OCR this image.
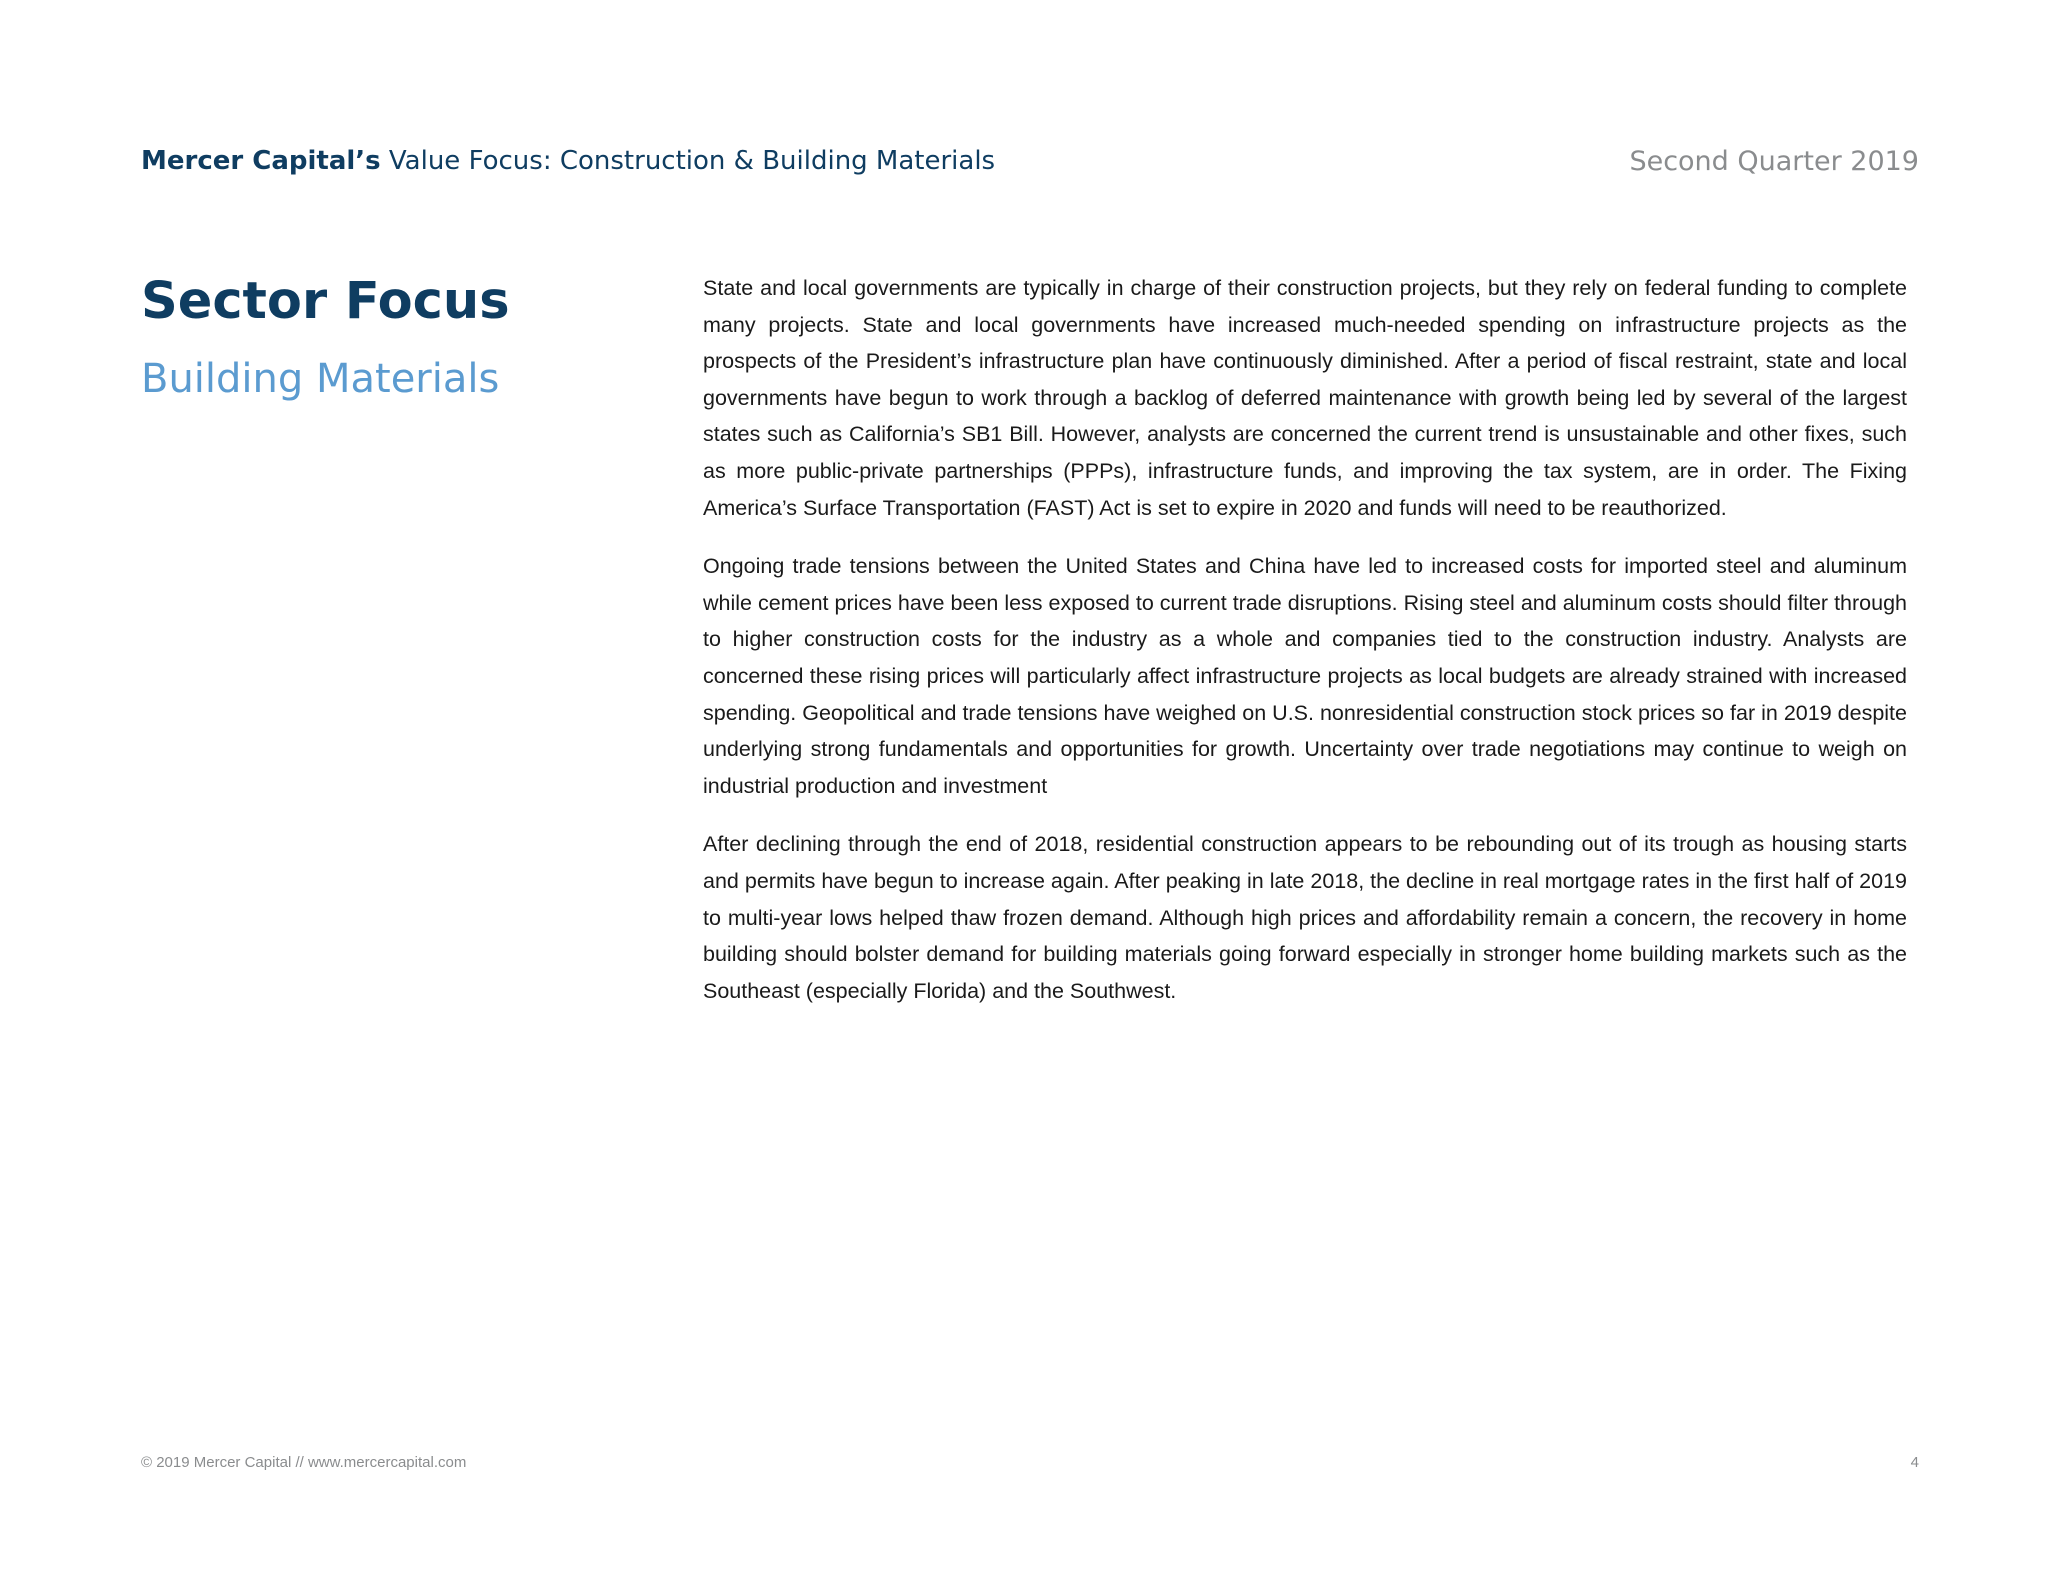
Mercer Capital’s Value Focus: Construction & Building Materials	Second Quarter 2019
Sector Focus
Building Materials

State and local governments are typically in charge of their construction projects, but they rely on federal funding to complete many projects. State and local governments have increased much-needed spending on infrastructure projects as the prospects of the President’s infrastructure plan have continuously diminished. After a period of fiscal restraint, state and local governments have begun to work through a backlog of deferred maintenance with growth being led by several of the largest states such as California’s SB1 Bill. However, analysts are concerned the current trend is unsustainable and other fixes, such as more public-private partnerships (PPPs), infrastructure funds, and improving the tax system, are in order. The Fixing America’s Surface Transportation (FAST) Act is set to expire in 2020 and funds will need to be reauthorized.

Ongoing trade tensions between the United States and China have led to increased costs for imported steel and aluminum while cement prices have been less exposed to current trade disruptions. Rising steel and aluminum costs should filter through to higher construction costs for the industry as a whole and companies tied to the construction industry. Analysts are concerned these rising prices will particularly affect infrastructure projects as local budgets are already strained with increased spending. Geopolitical and trade tensions have weighed on U.S. nonresidential construction stock prices so far in 2019 despite underlying strong fundamentals and opportunities for growth. Uncertainty over trade negotiations may continue to weigh on industrial production and investment

After declining through the end of 2018, residential construction appears to be rebounding out of its trough as housing starts and permits have begun to increase again. After peaking in late 2018, the decline in real mortgage rates in the first half of 2019 to multi-year lows helped thaw frozen demand. Although high prices and affordability remain a concern, the recovery in home building should bolster demand for building materials going forward especially in stronger home building markets such as the Southeast (especially Florida) and the Southwest.

© 2019 Mercer Capital // www.mercercapital.com	4
